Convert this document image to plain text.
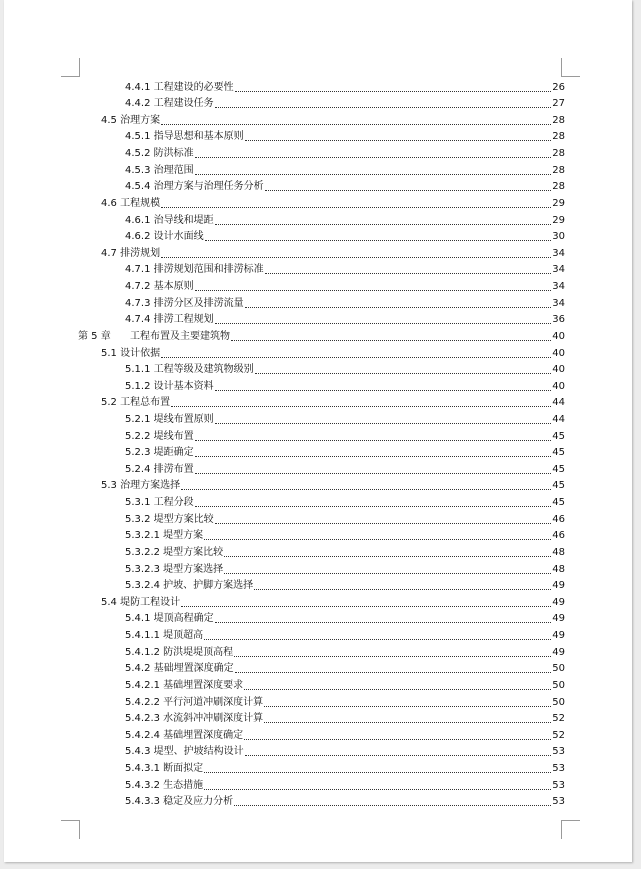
4.4.1 工程建设的必要性	26
4.4.2 工程建设任务	27
4.5 治理方案	28
4.5.1 指导思想和基本原则	28
4.5.2 防洪标准	28
4.5.3 治理范围	28
4.5.4 治理方案与治理任务分析	28
4.6 工程规模	29
4.6.1 治导线和堤距	29
4.6.2 设计水面线	30
4.7 排涝规划	34
4.7.1 排涝规划范围和排涝标准	34
4.7.2 基本原则	34
4.7.3 排涝分区及排涝流量	34
4.7.4 排涝工程规划	36
第 5 章 工程布置及主要建筑物	40
5.1 设计依据	40
5.1.1 工程等级及建筑物级别	40
5.1.2 设计基本资料	40
5.2 工程总布置	44
5.2.1 堤线布置原则	44
5.2.2 堤线布置	45
5.2.3 堤距确定	45
5.2.4 排涝布置	45
5.3 治理方案选择	45
5.3.1 工程分段	45
5.3.2 堤型方案比较	46
5.3.2.1 堤型方案	46
5.3.2.2 堤型方案比较	48
5.3.2.3 堤型方案选择	48
5.3.2.4 护坡、护脚方案选择	49
5.4 堤防工程设计	49
5.4.1 堤顶高程确定	49
5.4.1.1 堤顶超高	49
5.4.1.2 防洪堤堤顶高程	49
5.4.2 基础埋置深度确定	50
5.4.2.1 基础埋置深度要求	50
5.4.2.2 平行河道冲刷深度计算	50
5.4.2.3 水流斜冲冲刷深度计算	52
5.4.2.4 基础埋置深度确定	52
5.4.3 堤型、护坡结构设计	53
5.4.3.1 断面拟定	53
5.4.3.2 生态措施	53
5.4.3.3 稳定及应力分析	53
